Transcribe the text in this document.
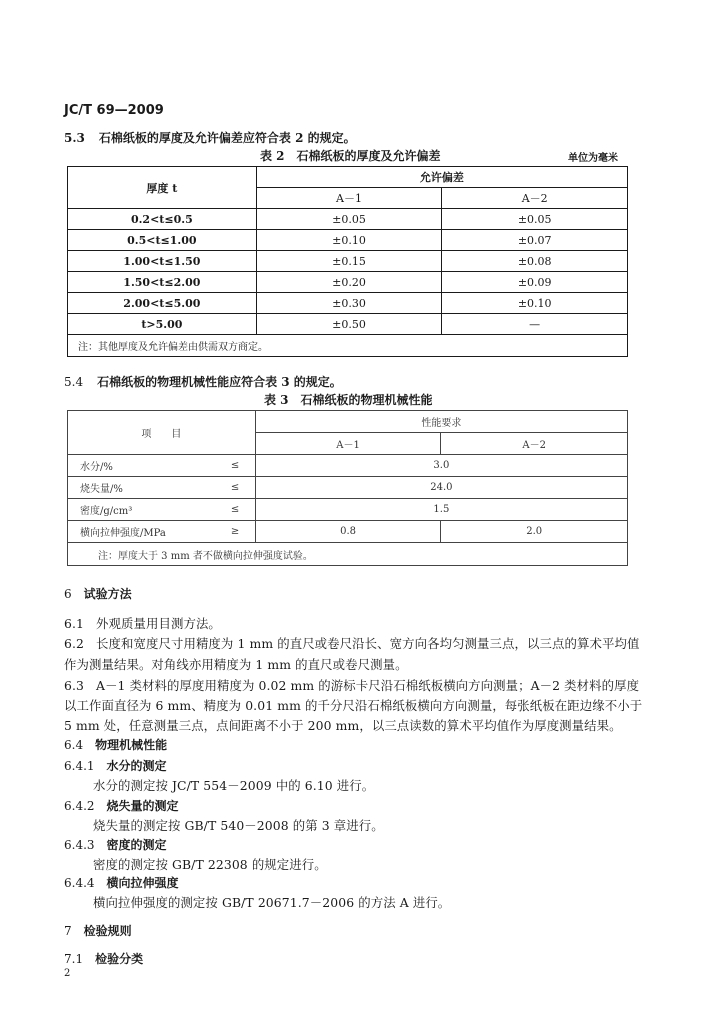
JC/T 69—2009
5.3 石棉纸板的厚度及允许偏差应符合表 2 的规定。
表 2　石棉纸板的厚度及允许偏差	单位为毫米
厚度 t	允许偏差	
	A－1	A－2
0.2<t≤0.5	±0.05	±0.05
0.5<t≤1.00	±0.10	±0.07
1.00<t≤1.50	±0.15	±0.08
1.50<t≤2.00	±0.20	±0.09
2.00<t≤5.00	±0.30	±0.10
t>5.00	±0.50	—
注：其他厚度及允许偏差由供需双方商定。		
5.4 石棉纸板的物理机械性能应符合表 3 的规定。
表 3　石棉纸板的物理机械性能
项　　目		性能要求	
		A－1	A－2
水分/%	≤	3.0	
烧失量/%	≤	24.0	
密度/g/cm³	≤	1.5	
横向拉伸强度/MPa	≥	0.8	2.0
注：厚度大于 3 mm 者不做横向拉伸强度试验。			
6 试验方法
6.1 外观质量用目测方法。
6.2 长度和宽度尺寸用精度为 1 mm 的直尺或卷尺沿长、宽方向各均匀测量三点，以三点的算术平均值
作为测量结果。对角线亦用精度为 1 mm 的直尺或卷尺测量。
6.3 A－1 类材料的厚度用精度为 0.02 mm 的游标卡尺沿石棉纸板横向方向测量；A－2 类材料的厚度
以工作面直径为 6 mm、精度为 0.01 mm 的千分尺沿石棉纸板横向方向测量，每张纸板在距边缘不小于
5 mm 处，任意测量三点，点间距离不小于 200 mm，以三点读数的算术平均值作为厚度测量结果。
6.4 物理机械性能
6.4.1 水分的测定
水分的测定按 JC/T 554－2009 中的 6.10 进行。
6.4.2 烧失量的测定
烧失量的测定按 GB/T 540－2008 的第 3 章进行。
6.4.3 密度的测定
密度的测定按 GB/T 22308 的规定进行。
6.4.4 横向拉伸强度
横向拉伸强度的测定按 GB/T 20671.7－2006 的方法 A 进行。
7 检验规则
7.1 检验分类
2
